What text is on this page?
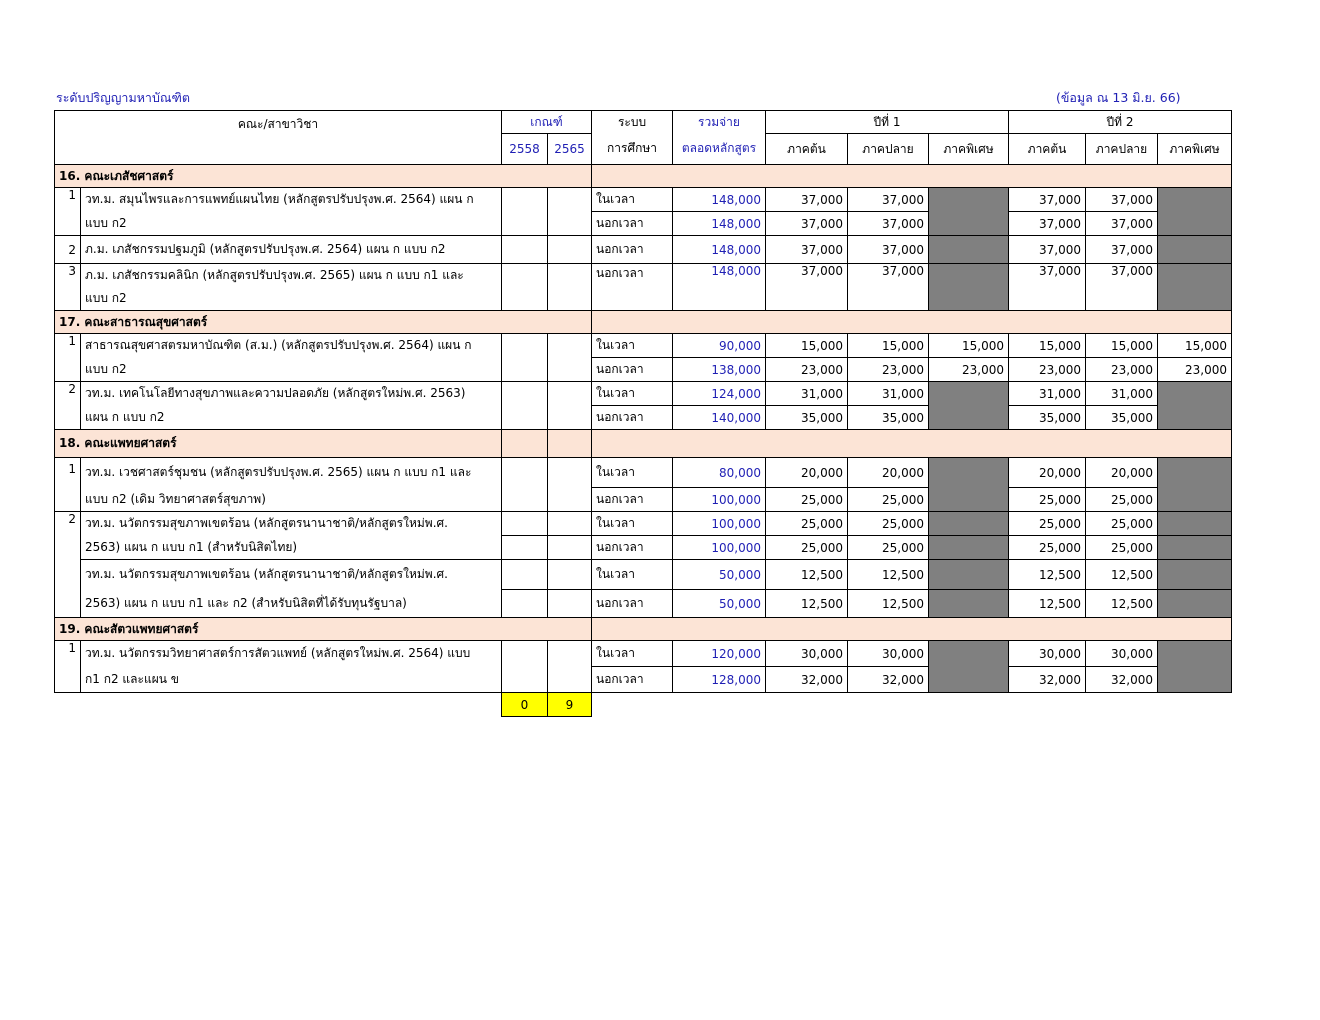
ระดับปริญญามหาบัณฑิต	(ข้อมูล ณ 13 มิ.ย. 66)
คณะ/สาขาวิชา		เกณฑ์		ระบบ	รวมจ่าย	ปีที่ 1			ปีที่ 2		
		2558	2565	การศึกษา	ตลอดหลักสูตร	ภาคต้น	ภาคปลาย	ภาคพิเศษ	ภาคต้น	ภาคปลาย	ภาคพิเศษ
16. คณะเภสัชศาสตร์											
1	วท.ม. สมุนไพรและการแพทย์แผนไทย (หลักสูตรปรับปรุงพ.ศ. 2564) แผน ก			ในเวลา	148,000	37,000	37,000		37,000	37,000	
	แบบ ก2			นอกเวลา	148,000	37,000	37,000		37,000	37,000	
2	ภ.ม. เภสัชกรรมปฐมภูมิ (หลักสูตรปรับปรุงพ.ศ. 2564) แผน ก แบบ ก2			นอกเวลา	148,000	37,000	37,000		37,000	37,000	
3	ภ.ม. เภสัชกรรมคลินิก (หลักสูตรปรับปรุงพ.ศ. 2565) แผน ก แบบ ก1 และ			นอกเวลา	148,000	37,000	37,000		37,000	37,000	
	แบบ ก2										
17. คณะสาธารณสุขศาสตร์											
1	สาธารณสุขศาสตรมหาบัณฑิต (ส.ม.) (หลักสูตรปรับปรุงพ.ศ. 2564) แผน ก			ในเวลา	90,000	15,000	15,000	15,000	15,000	15,000	15,000
	แบบ ก2			นอกเวลา	138,000	23,000	23,000	23,000	23,000	23,000	23,000
2	วท.ม. เทคโนโลยีทางสุขภาพและความปลอดภัย (หลักสูตรใหม่พ.ศ. 2563)			ในเวลา	124,000	31,000	31,000		31,000	31,000	
	แผน ก แบบ ก2			นอกเวลา	140,000	35,000	35,000		35,000	35,000	
18. คณะแพทยศาสตร์											
1	วท.ม. เวชศาสตร์ชุมชน (หลักสูตรปรับปรุงพ.ศ. 2565) แผน ก แบบ ก1 และ			ในเวลา	80,000	20,000	20,000		20,000	20,000	
	แบบ ก2 (เดิม วิทยาศาสตร์สุขภาพ)			นอกเวลา	100,000	25,000	25,000		25,000	25,000	
2	วท.ม. นวัตกรรมสุขภาพเขตร้อน (หลักสูตรนานาชาติ/หลักสูตรใหม่พ.ศ.			ในเวลา	100,000	25,000	25,000		25,000	25,000	
	2563) แผน ก แบบ ก1 (สำหรับนิสิตไทย)			นอกเวลา	100,000	25,000	25,000		25,000	25,000	
	วท.ม. นวัตกรรมสุขภาพเขตร้อน (หลักสูตรนานาชาติ/หลักสูตรใหม่พ.ศ.			ในเวลา	50,000	12,500	12,500		12,500	12,500	
	2563) แผน ก แบบ ก1 และ ก2 (สำหรับนิสิตที่ได้รับทุนรัฐบาล)			นอกเวลา	50,000	12,500	12,500		12,500	12,500	
19. คณะสัตวแพทยศาสตร์											
1	วท.ม. นวัตกรรมวิทยาศาสตร์การสัตวแพทย์ (หลักสูตรใหม่พ.ศ. 2564) แบบ			ในเวลา	120,000	30,000	30,000		30,000	30,000	
	ก1 ก2 และแผน ข			นอกเวลา	128,000	32,000	32,000		32,000	32,000	
		0	9								
